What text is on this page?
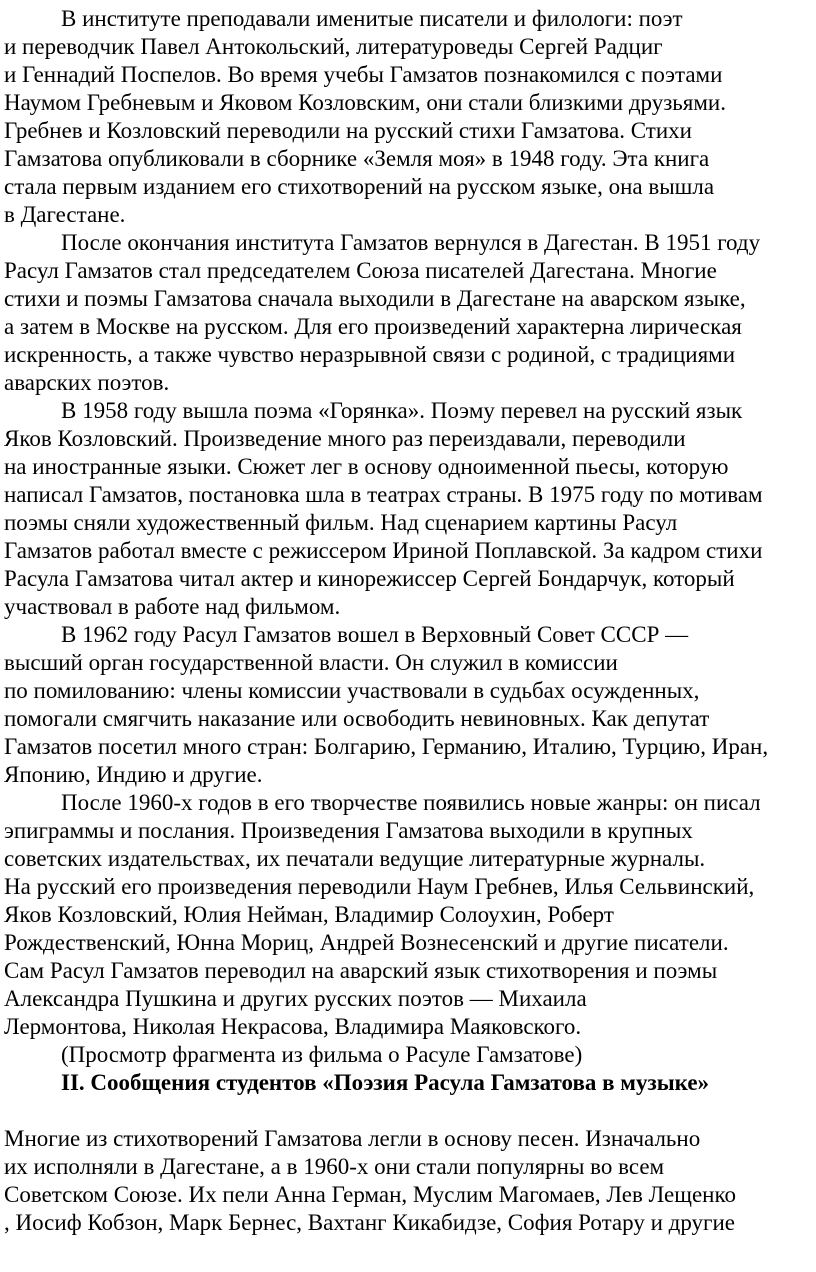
В институте преподавали именитые писатели и филологи: поэт
и переводчик Павел Антокольский, литературоведы Сергей Радциг
и Геннадий Поспелов. Во время учебы Гамзатов познакомился с поэтами
Наумом Гребневым и Яковом Козловским, они стали близкими друзьями.
Гребнев и Козловский переводили на русский стихи Гамзатова. Стихи
Гамзатова опубликовали в сборнике «Земля моя» в 1948 году. Эта книга
стала первым изданием его стихотворений на русском языке, она вышла
в Дагестане.
После окончания института Гамзатов вернулся в Дагестан. В 1951 году
Расул Гамзатов стал председателем Союза писателей Дагестана. Многие
стихи и поэмы Гамзатова сначала выходили в Дагестане на аварском языке,
а затем в Москве на русском. Для его произведений характерна лирическая
искренность, а также чувство неразрывной связи с родиной, с традициями
аварских поэтов.
В 1958 году вышла поэма «Горянка». Поэму перевел на русский язык
Яков Козловский. Произведение много раз переиздавали, переводили
на иностранные языки. Сюжет лег в основу одноименной пьесы, которую
написал Гамзатов, постановка шла в театрах страны. В 1975 году по мотивам
поэмы сняли художественный фильм. Над сценарием картины Расул
Гамзатов работал вместе с режиссером Ириной Поплавской. За кадром стихи
Расула Гамзатова читал актер и кинорежиссер Сергей Бондарчук, который
участвовал в работе над фильмом.
В 1962 году Расул Гамзатов вошел в Верховный Совет СССР —
высший орган государственной власти. Он служил в комиссии
по помилованию: члены комиссии участвовали в судьбах осужденных,
помогали смягчить наказание или освободить невиновных. Как депутат
Гамзатов посетил много стран: Болгарию, Германию, Италию, Турцию, Иран,
Японию, Индию и другие.
После 1960-х годов в его творчестве появились новые жанры: он писал
эпиграммы и послания. Произведения Гамзатова выходили в крупных
советских издательствах, их печатали ведущие литературные журналы.
На русский его произведения переводили Наум Гребнев, Илья Сельвинский,
Яков Козловский, Юлия Нейман, Владимир Солоухин, Роберт
Рождественский, Юнна Мориц, Андрей Вознесенский и другие писатели.
Сам Расул Гамзатов переводил на аварский язык стихотворения и поэмы
Александра Пушкина и других русских поэтов — Михаила
Лермонтова, Николая Некрасова, Владимира Маяковского.
(Просмотр фрагмента из фильма о Расуле Гамзатове)
II. Сообщения студентов «Поэзия Расула Гамзатова в музыке»
Многие из стихотворений Гамзатова легли в основу песен. Изначально
их исполняли в Дагестане, а в 1960-х они стали популярны во всем
Советском Союзе. Их пели Анна Герман, Муслим Магомаев, Лев Лещенко
, Иосиф Кобзон, Марк Бернес, Вахтанг Кикабидзе, София Ротару и другие
